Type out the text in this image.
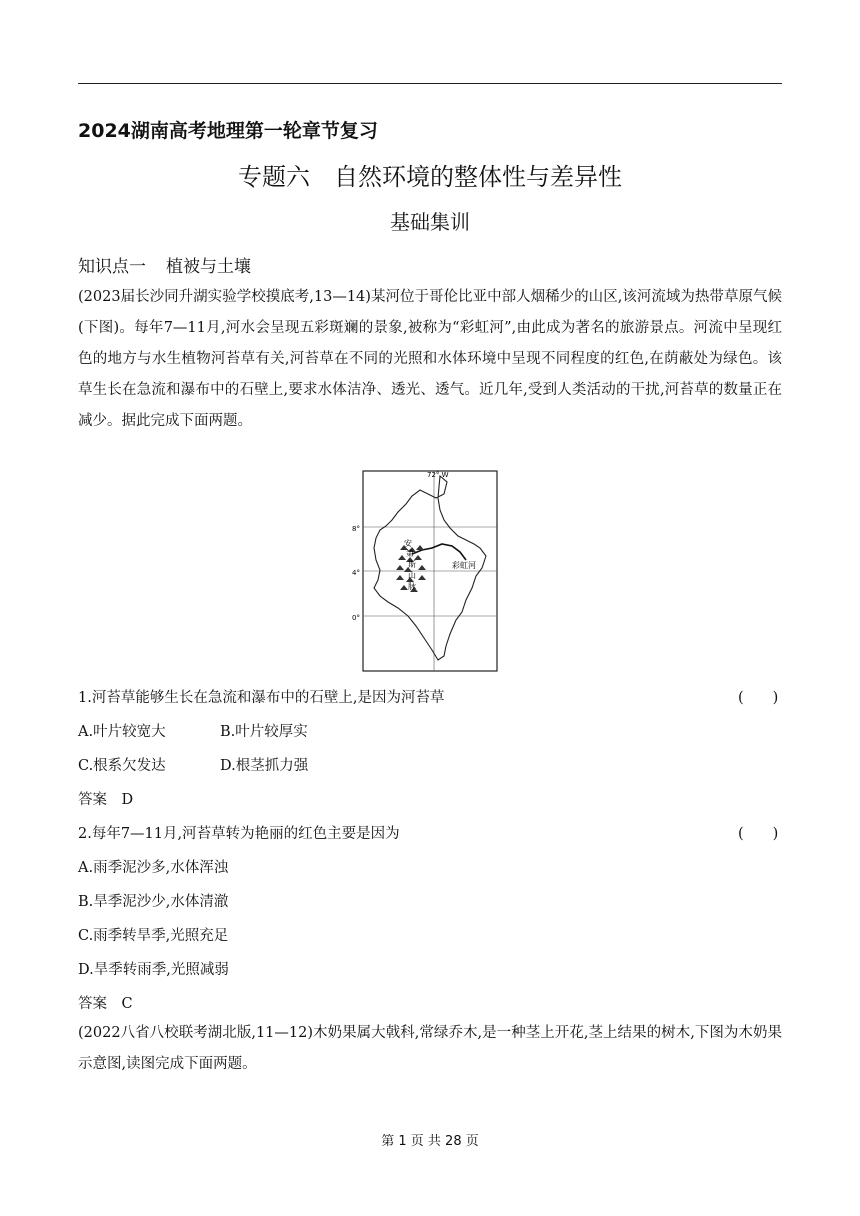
2024湖南高考地理第一轮章节复习
专题六 自然环境的整体性与差异性
基础集训
知识点一 植被与土壤
(2023届长沙同升湖实验学校摸底考,13—14)某河位于哥伦比亚中部人烟稀少的山区,该河流域为热带草原气候(下图)。每年7—11月,河水会呈现五彩斑斓的景象,被称为“彩虹河”,由此成为著名的旅游景点。河流中呈现红色的地方与水生植物河苔草有关,河苔草在不同的光照和水体环境中呈现不同程度的红色,在荫蔽处为绿色。该草生长在急流和瀑布中的石壁上,要求水体洁净、透光、透气。近几年,受到人类活动的干扰,河苔草的数量正在减少。据此完成下面两题。
72° W
8°
4°
0°
安
第
斯
山
脉
彩虹河
1.河苔草能够生长在急流和瀑布中的石壁上,是因为河苔草	(　　)
A.叶片较宽大	B.叶片较厚实
C.根系欠发达	D.根茎抓力强
答案　D
2.每年7—11月,河苔草转为艳丽的红色主要是因为	(　　)
A.雨季泥沙多,水体浑浊
B.旱季泥沙少,水体清澈
C.雨季转旱季,光照充足
D.旱季转雨季,光照减弱
答案　C
(2022八省八校联考湖北版,11—12)木奶果属大戟科,常绿乔木,是一种茎上开花,茎上结果的树木,下图为木奶果示意图,读图完成下面两题。
第 1 页 共 28 页
